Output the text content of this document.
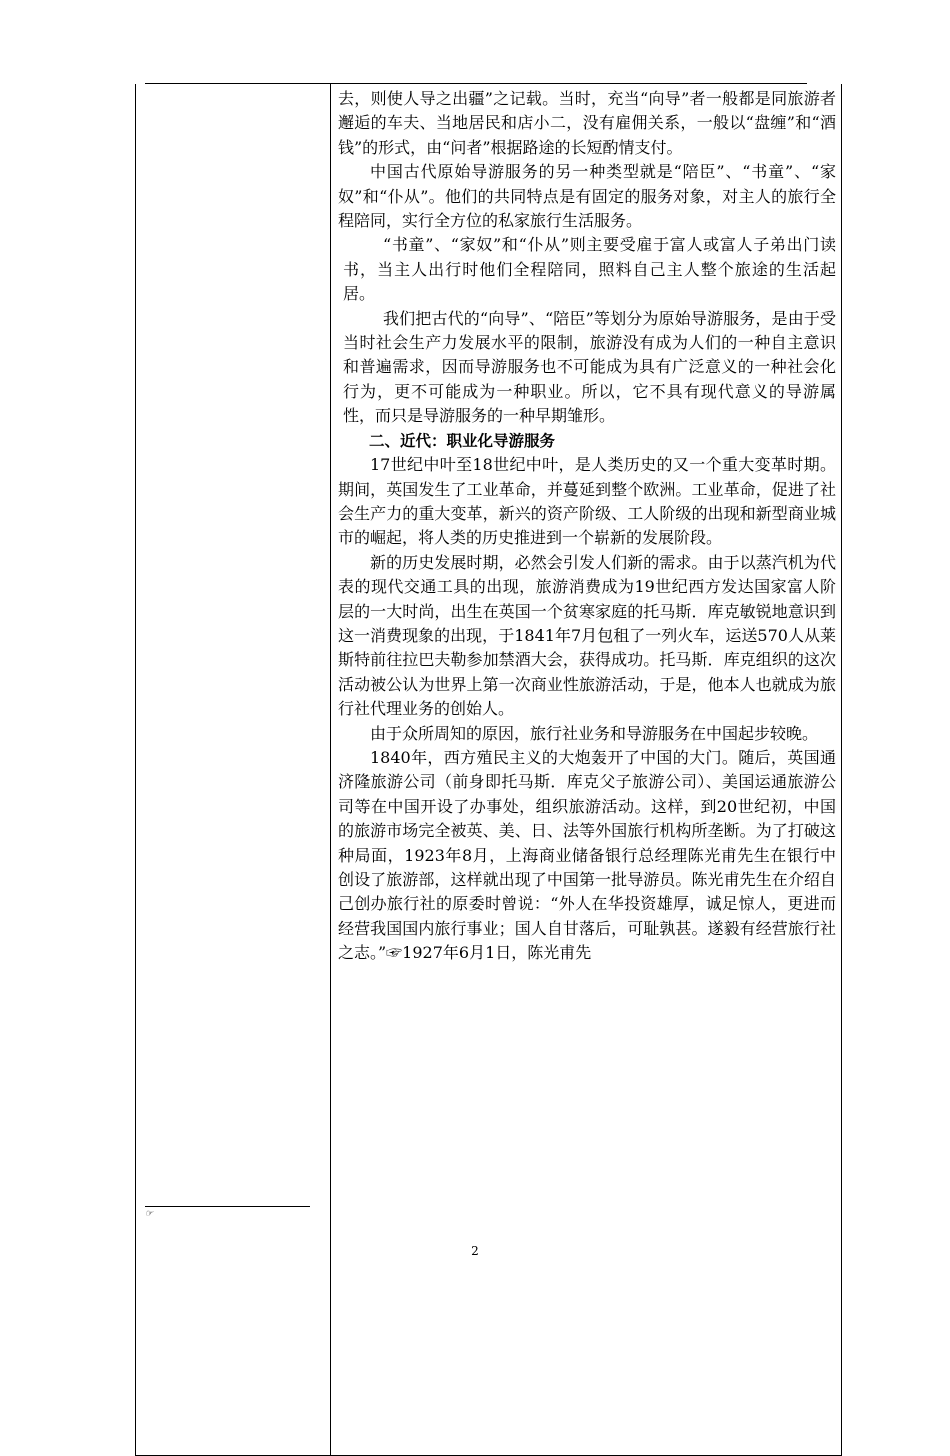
去，则使人导之出疆”之记载。当时，充当“向导”者一般都是同旅游者邂逅的车夫、当地居民和店小二，没有雇佣关系，一般以“盘缠”和“酒钱”的形式，由“问者”根据路途的长短酌情支付。

中国古代原始导游服务的另一种类型就是“陪臣”、“书童”、“家奴”和“仆从”。他们的共同特点是有固定的服务对象，对主人的旅行全程陪同，实行全方位的私家旅行生活服务。

“书童”、“家奴”和“仆从”则主要受雇于富人或富人子弟出门读书，当主人出行时他们全程陪同，照料自己主人整个旅途的生活起居。

我们把古代的“向导”、“陪臣”等划分为原始导游服务，是由于受当时社会生产力发展水平的限制，旅游没有成为人们的一种自主意识和普遍需求，因而导游服务也不可能成为具有广泛意义的一种社会化行为，更不可能成为一种职业。所以，它不具有现代意义的导游属性，而只是导游服务的一种早期雏形。

二、近代：职业化导游服务

17世纪中叶至18世纪中叶，是人类历史的又一个重大变革时期。期间，英国发生了工业革命，并蔓延到整个欧洲。工业革命，促进了社会生产力的重大变革，新兴的资产阶级、工人阶级的出现和新型商业城市的崛起，将人类的历史推进到一个崭新的发展阶段。

新的历史发展时期，必然会引发人们新的需求。由于以蒸汽机为代表的现代交通工具的出现，旅游消费成为19世纪西方发达国家富人阶层的一大时尚，出生在英国一个贫寒家庭的托马斯．库克敏锐地意识到这一消费现象的出现，于1841年7月包租了一列火车，运送570人从莱斯特前往拉巴夫勒参加禁酒大会，获得成功。托马斯．库克组织的这次活动被公认为世界上第一次商业性旅游活动，于是，他本人也就成为旅行社代理业务的创始人。

由于众所周知的原因，旅行社业务和导游服务在中国起步较晚。

1840年，西方殖民主义的大炮轰开了中国的大门。随后，英国通济隆旅游公司（前身即托马斯．库克父子旅游公司）、美国运通旅游公司等在中国开设了办事处，组织旅游活动。这样，到20世纪初，中国的旅游市场完全被英、美、日、法等外国旅行机构所垄断。为了打破这种局面，1923年8月，上海商业储备银行总经理陈光甫先生在银行中创设了旅游部，这样就出现了中国第一批导游员。陈光甫先生在介绍自己创办旅行社的原委时曾说：“外人在华投资雄厚，诚足惊人，更进而经营我国国内旅行事业；国人自甘落后，可耻孰甚。遂毅有经营旅行社之志。”☞1927年6月1日，陈光甫先

☞
2
